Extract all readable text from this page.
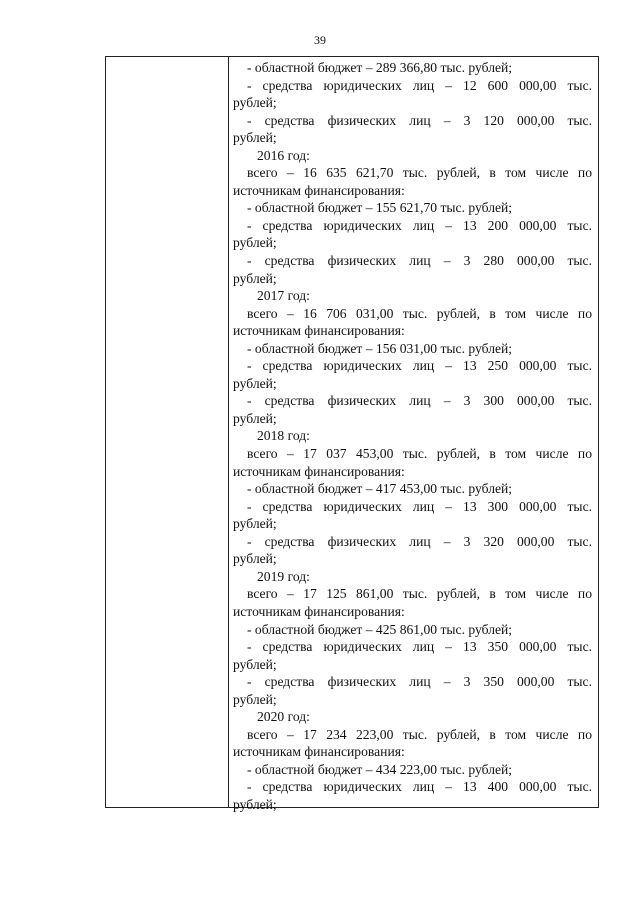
39
- областной бюджет – 289 366,80 тыс. рублей;
- средства юридических лиц – 12 600 000,00 тыс.
рублей;
- средства физических лиц – 3 120 000,00 тыс.
рублей;
2016 год:
всего – 16 635 621,70 тыс. рублей, в том числе по
источникам финансирования:
- областной бюджет – 155 621,70 тыс. рублей;
- средства юридических лиц – 13 200 000,00 тыс.
рублей;
- средства физических лиц – 3 280 000,00 тыс.
рублей;
2017 год:
всего – 16 706 031,00 тыс. рублей, в том числе по
источникам финансирования:
- областной бюджет – 156 031,00 тыс. рублей;
- средства юридических лиц – 13 250 000,00 тыс.
рублей;
- средства физических лиц – 3 300 000,00 тыс.
рублей;
2018 год:
всего – 17 037 453,00 тыс. рублей, в том числе по
источникам финансирования:
- областной бюджет – 417 453,00 тыс. рублей;
- средства юридических лиц – 13 300 000,00 тыс.
рублей;
- средства физических лиц – 3 320 000,00 тыс.
рублей;
2019 год:
всего – 17 125 861,00 тыс. рублей, в том числе по
источникам финансирования:
- областной бюджет – 425 861,00 тыс. рублей;
- средства юридических лиц – 13 350 000,00 тыс.
рублей;
- средства физических лиц – 3 350 000,00 тыс.
рублей;
2020 год:
всего – 17 234 223,00 тыс. рублей, в том числе по
источникам финансирования:
- областной бюджет – 434 223,00 тыс. рублей;
- средства юридических лиц – 13 400 000,00 тыс.
рублей;
